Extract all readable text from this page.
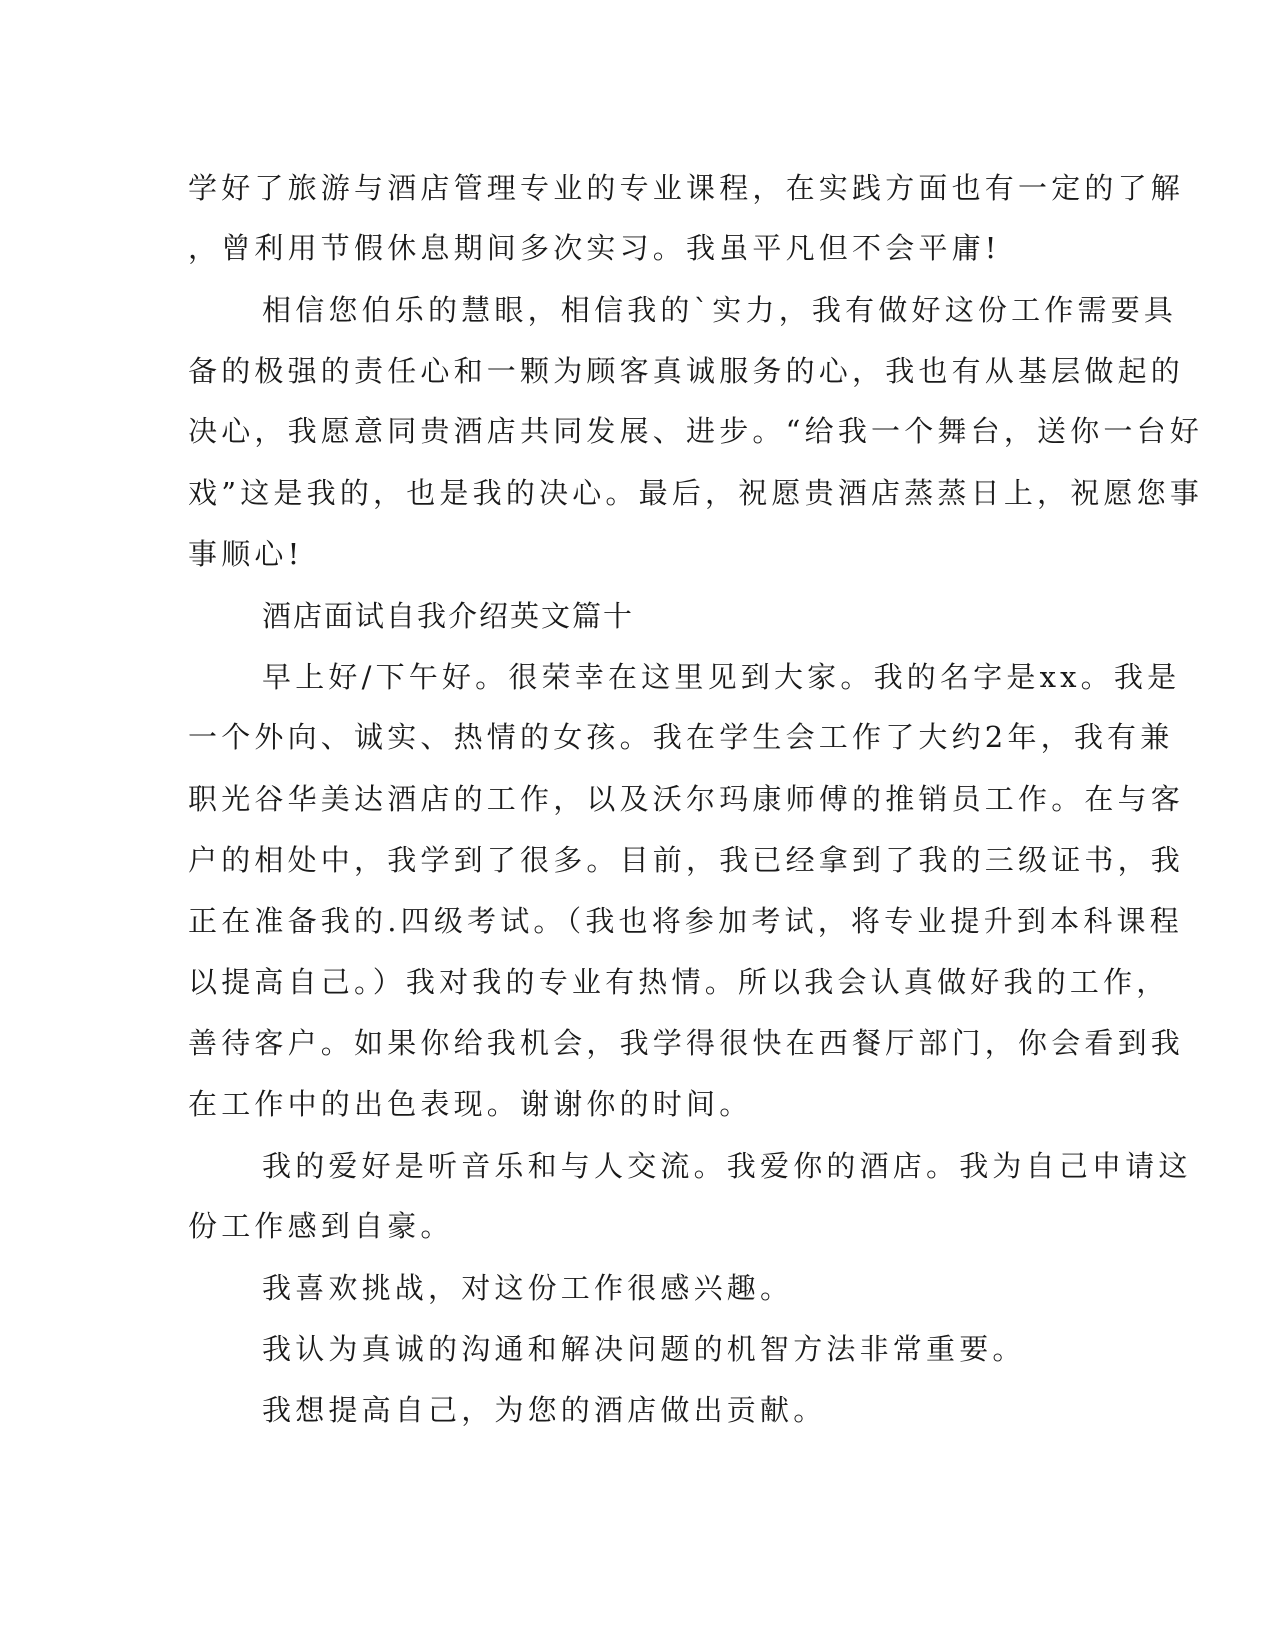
学好了旅游与酒店管理专业的专业课程，在实践方面也有一定的了解

，曾利用节假休息期间多次实习。我虽平凡但不会平庸!

相信您伯乐的慧眼，相信我的`实力，我有做好这份工作需要具

备的极强的责任心和一颗为顾客真诚服务的心，我也有从基层做起的

决心，我愿意同贵酒店共同发展、进步。“给我一个舞台，送你一台好

戏”这是我的，也是我的决心。最后，祝愿贵酒店蒸蒸日上，祝愿您事

事顺心!

酒店面试自我介绍英文篇十

早上好/下午好。很荣幸在这里见到大家。我的名字是xx。我是

一个外向、诚实、热情的女孩。我在学生会工作了大约2年，我有兼

职光谷华美达酒店的工作，以及沃尔玛康师傅的推销员工作。在与客

户的相处中，我学到了很多。目前，我已经拿到了我的三级证书，我

正在准备我的.四级考试。（我也将参加考试，将专业提升到本科课程

以提高自己。）我对我的专业有热情。所以我会认真做好我的工作，

善待客户。如果你给我机会，我学得很快在西餐厅部门，你会看到我

在工作中的出色表现。谢谢你的时间。

我的爱好是听音乐和与人交流。我爱你的酒店。我为自己申请这

份工作感到自豪。

我喜欢挑战，对这份工作很感兴趣。

我认为真诚的沟通和解决问题的机智方法非常重要。

我想提高自己，为您的酒店做出贡献。
